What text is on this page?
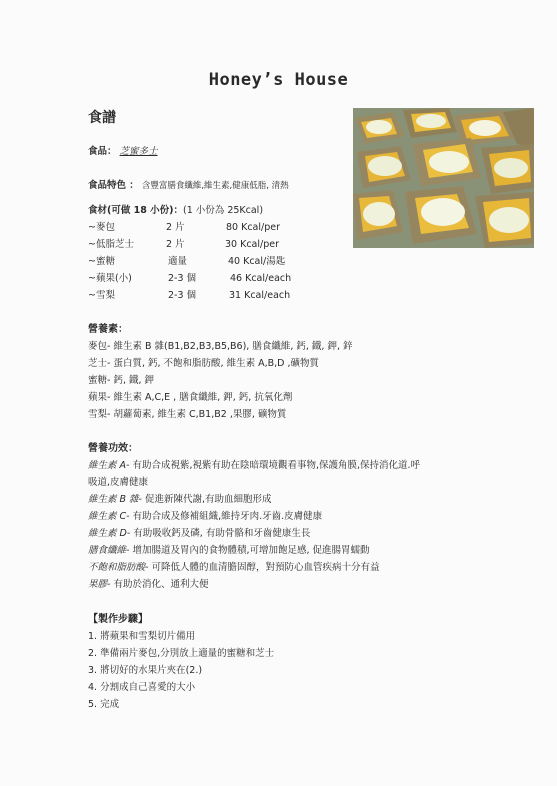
Honey’s House
食譜
食品： 芝蜜多士
食品特色 ： 含豐富膳食纖維,維生素,健康低脂, 清熱
食材(可做 18 小份)：(1 小份為 25Kcal)
~麥包	2 片	80 Kcal/per
~低脂芝士	2 片	30 Kcal/per
~蜜糖	適量	40 Kcal/湯匙
~蘋果(小)	2-3 個	46 Kcal/each
~雪梨	2-3 個	31 Kcal/each
營養素：
麥包- 維生素 B 雜(B1,B2,B3,B5,B6), 膳食纖維, 鈣, 鐵, 鉀, 鋅
芝士- 蛋白質, 鈣, 不飽和脂肪酸, 維生素 A,B,D ,礦物質
蜜糖- 鈣, 鐵, 鉀
蘋果- 維生素 A,C,E , 膳食纖維, 鉀, 鈣, 抗氧化劑
雪梨- 胡蘿蔔素, 維生素 C,B1,B2 ,果膠, 礦物質
營養功效：
維生素 A- 有助合成視紫,視紫有助在陰暗環境觀看事物,保護角膜,保持消化道.呼
吸道,皮膚健康
維生素 B 雜- 促進新陳代謝,有助血細胞形成
維生素 C- 有助合成及修補組織,維持牙肉.牙齒.皮膚健康
維生素 D- 有助吸收鈣及磷, 有助骨骼和牙齒健康生長
膳食纖維- 增加腸道及胃內的食物體積,可增加飽足感, 促進腸胃蠕動
不飽和脂肪酸- 可降低人體的血清膽固醇，對預防心血管疾病十分有益
果膠- 有助於消化、通利大便
【製作步驟】
1. 將蘋果和雪梨切片備用
2. 準備兩片麥包,分別放上適量的蜜糖和芝士
3. 將切好的水果片夾在(2.)
4. 分割成自己喜愛的大小
5. 完成
